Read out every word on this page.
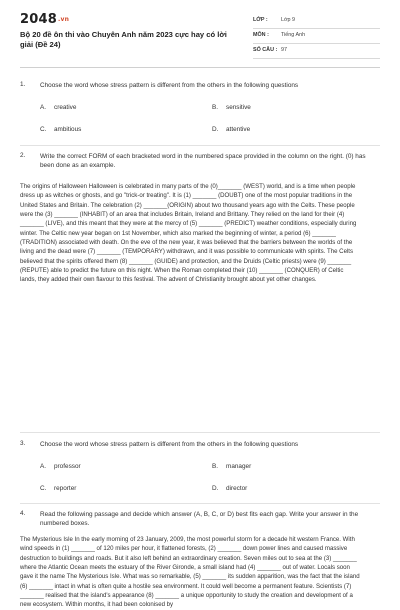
2048.vn
Bộ 20 đề ôn thi vào Chuyên Anh năm 2023 cực hay có lời giải (Đề 24)
LỚP : Lớp 9
MÔN : Tiếng Anh
SỐ CÂU : 97
1. Choose the word whose stress pattern is different from the others in the following questions
A. creative	B. sensitive
C. ambitious	D. attentive
2. Write the correct FORM of each bracketed word in the numbered space provided in the column on the right. (0) has been done as an example.
The origins of Halloween Halloween is celebrated in many parts of the (0)_______ (WEST) world, and is a time when people dress up as witches or ghosts, and go "trick-or treating". It is (1) _______ (DOUBT) one of the most popular traditions in the United States and Britain. The celebration (2) _______(ORIGIN) about two thousand years ago with the Celts. These people were the (3) _______ (INHABIT) of an area that includes Britain, Ireland and Brittany. They relied on the land for their (4) _______ (LIVE), and this meant that they were at the mercy of (5) _______ (PREDICT) weather conditions, especially during winter. The Celtic new year began on 1st November, which also marked the beginning of winter, a period (6) _______ (TRADITION) associated with death. On the eve of the new year, it was believed that the barriers between the worlds of the living and the dead were (7) _______ (TEMPORARY) withdrawn, and it was possible to communicate with spirits. The Celts believed that the spirits offered them (8) _______ (GUIDE) and protection, and the Druids (Celtic priests) were (9) _______ (REPUTE) able to predict the future on this night. When the Roman completed their (10) _______ (CONQUER) of Celtic lands, they added their own flavour to this festival. The advent of Christianity brought about yet other changes.
3. Choose the word whose stress pattern is different from the others in the following questions
A. professor	B. manager
C. reporter	D. director
4. Read the following passage and decide which answer (A, B, C, or D) best fits each gap. Write your answer in the numbered boxes.
The Mysterious Isle In the early morning of 23 January, 2009, the most powerful storm for a decade hit western France. With wind speeds in (1) _______ of 120 miles per hour, it flattened forests, (2) _______ down power lines and caused massive destruction to buildings and roads. But it also left behind an extraordinary creation. Seven miles out to sea at the (3) _______ where the Atlantic Ocean meets the estuary of the River Gironde, a small island had (4) _______ out of water. Locals soon gave it the name The Mysterious Isle. What was so remarkable, (5) _______ its sudden apparition, was the fact that the island (6) _______ intact in what is often quite a hostile sea environment. It could well become a permanent feature. Scientists (7) _______ realised that the island's appearance (8) _______ a unique opportunity to study the creation and development of a new ecosystem. Within months, it had been colonised by
